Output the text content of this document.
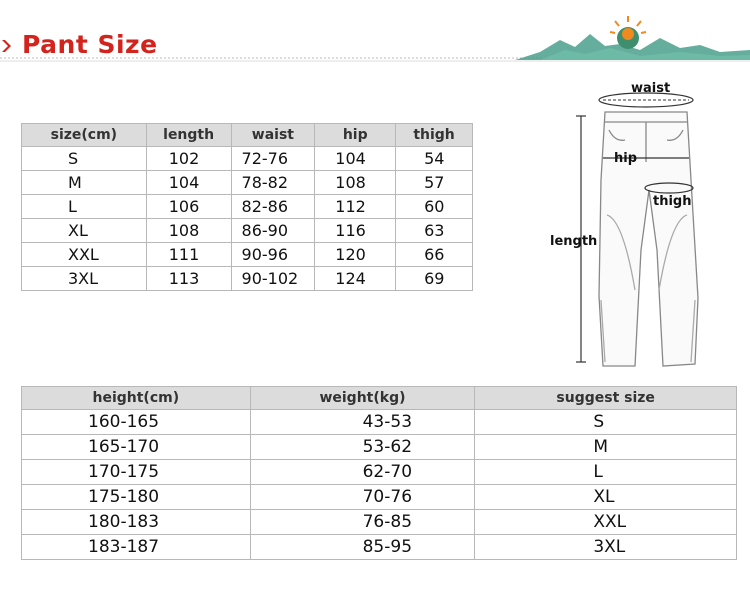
Pant Size
size(cm)	length	waist	hip	thigh
S	102	72-76	104	54
M	104	78-82	108	57
L	106	82-86	112	60
XL	108	86-90	116	63
XXL	111	90-96	120	66
3XL	113	90-102	124	69
waist
hip
thigh
length
height(cm)	weight(kg)	suggest size
160-165	43-53	S
165-170	53-62	M
170-175	62-70	L
175-180	70-76	XL
180-183	76-85	XXL
183-187	85-95	3XL
